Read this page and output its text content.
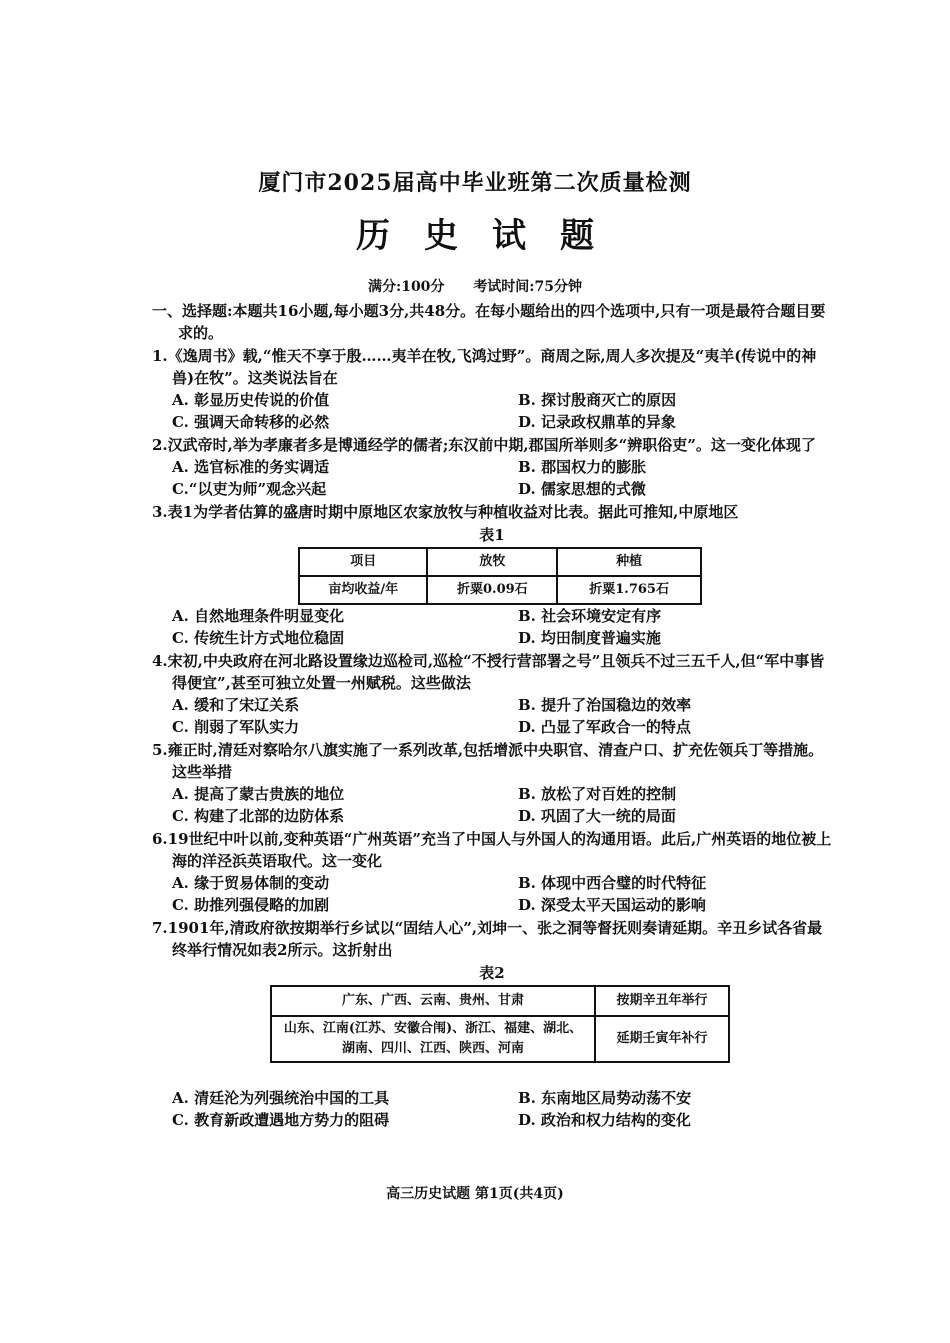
厦门市2025届高中毕业班第二次质量检测
历史试题
满分:100分 考试时间:75分钟
一、选择题:本题共16小题,每小题3分,共48分。在每小题给出的四个选项中,只有一项是最符合题目要求的。
1.《逸周书》载,“惟天不享于殷……夷羊在牧,飞鸿过野”。商周之际,周人多次提及“夷羊(传说中的神兽)在牧”。这类说法旨在
A. 彰显历史传说的价值	B. 探讨殷商灭亡的原因
C. 强调天命转移的必然	D. 记录政权鼎革的异象
2.汉武帝时,举为孝廉者多是博通经学的儒者;东汉前中期,郡国所举则多“辨职俗吏”。这一变化体现了
A. 选官标准的务实调适	B. 郡国权力的膨胀
C.“以吏为师”观念兴起	D. 儒家思想的式微
3.表1为学者估算的盛唐时期中原地区农家放牧与种植收益对比表。据此可推知,中原地区
表1
项目	放牧	种植
亩均收益/年	折粟0.09石	折粟1.765石
A. 自然地理条件明显变化	B. 社会环境安定有序
C. 传统生计方式地位稳固	D. 均田制度普遍实施
4.宋初,中央政府在河北路设置缘边巡检司,巡检“不授行营部署之号”且领兵不过三五千人,但“军中事皆得便宜”,甚至可独立处置一州赋税。这些做法
A. 缓和了宋辽关系	B. 提升了治国稳边的效率
C. 削弱了军队实力	D. 凸显了军政合一的特点
5.雍正时,清廷对察哈尔八旗实施了一系列改革,包括增派中央职官、清查户口、扩充佐领兵丁等措施。这些举措
A. 提高了蒙古贵族的地位	B. 放松了对百姓的控制
C. 构建了北部的边防体系	D. 巩固了大一统的局面
6.19世纪中叶以前,变种英语“广州英语”充当了中国人与外国人的沟通用语。此后,广州英语的地位被上海的洋泾浜英语取代。这一变化
A. 缘于贸易体制的变动	B. 体现中西合璧的时代特征
C. 助推列强侵略的加剧	D. 深受太平天国运动的影响
7.1901年,清政府欲按期举行乡试以“固结人心”,刘坤一、张之洞等督抚则奏请延期。辛丑乡试各省最终举行情况如表2所示。这折射出
表2
广东、广西、云南、贵州、甘肃	按期辛丑年举行
山东、江南(江苏、安徽合闱)、浙江、福建、湖北、湖南、四川、江西、陕西、河南	延期壬寅年补行
A. 清廷沦为列强统治中国的工具	B. 东南地区局势动荡不安
C. 教育新政遭遇地方势力的阻碍	D. 政治和权力结构的变化
高三历史试题 第1页(共4页)
